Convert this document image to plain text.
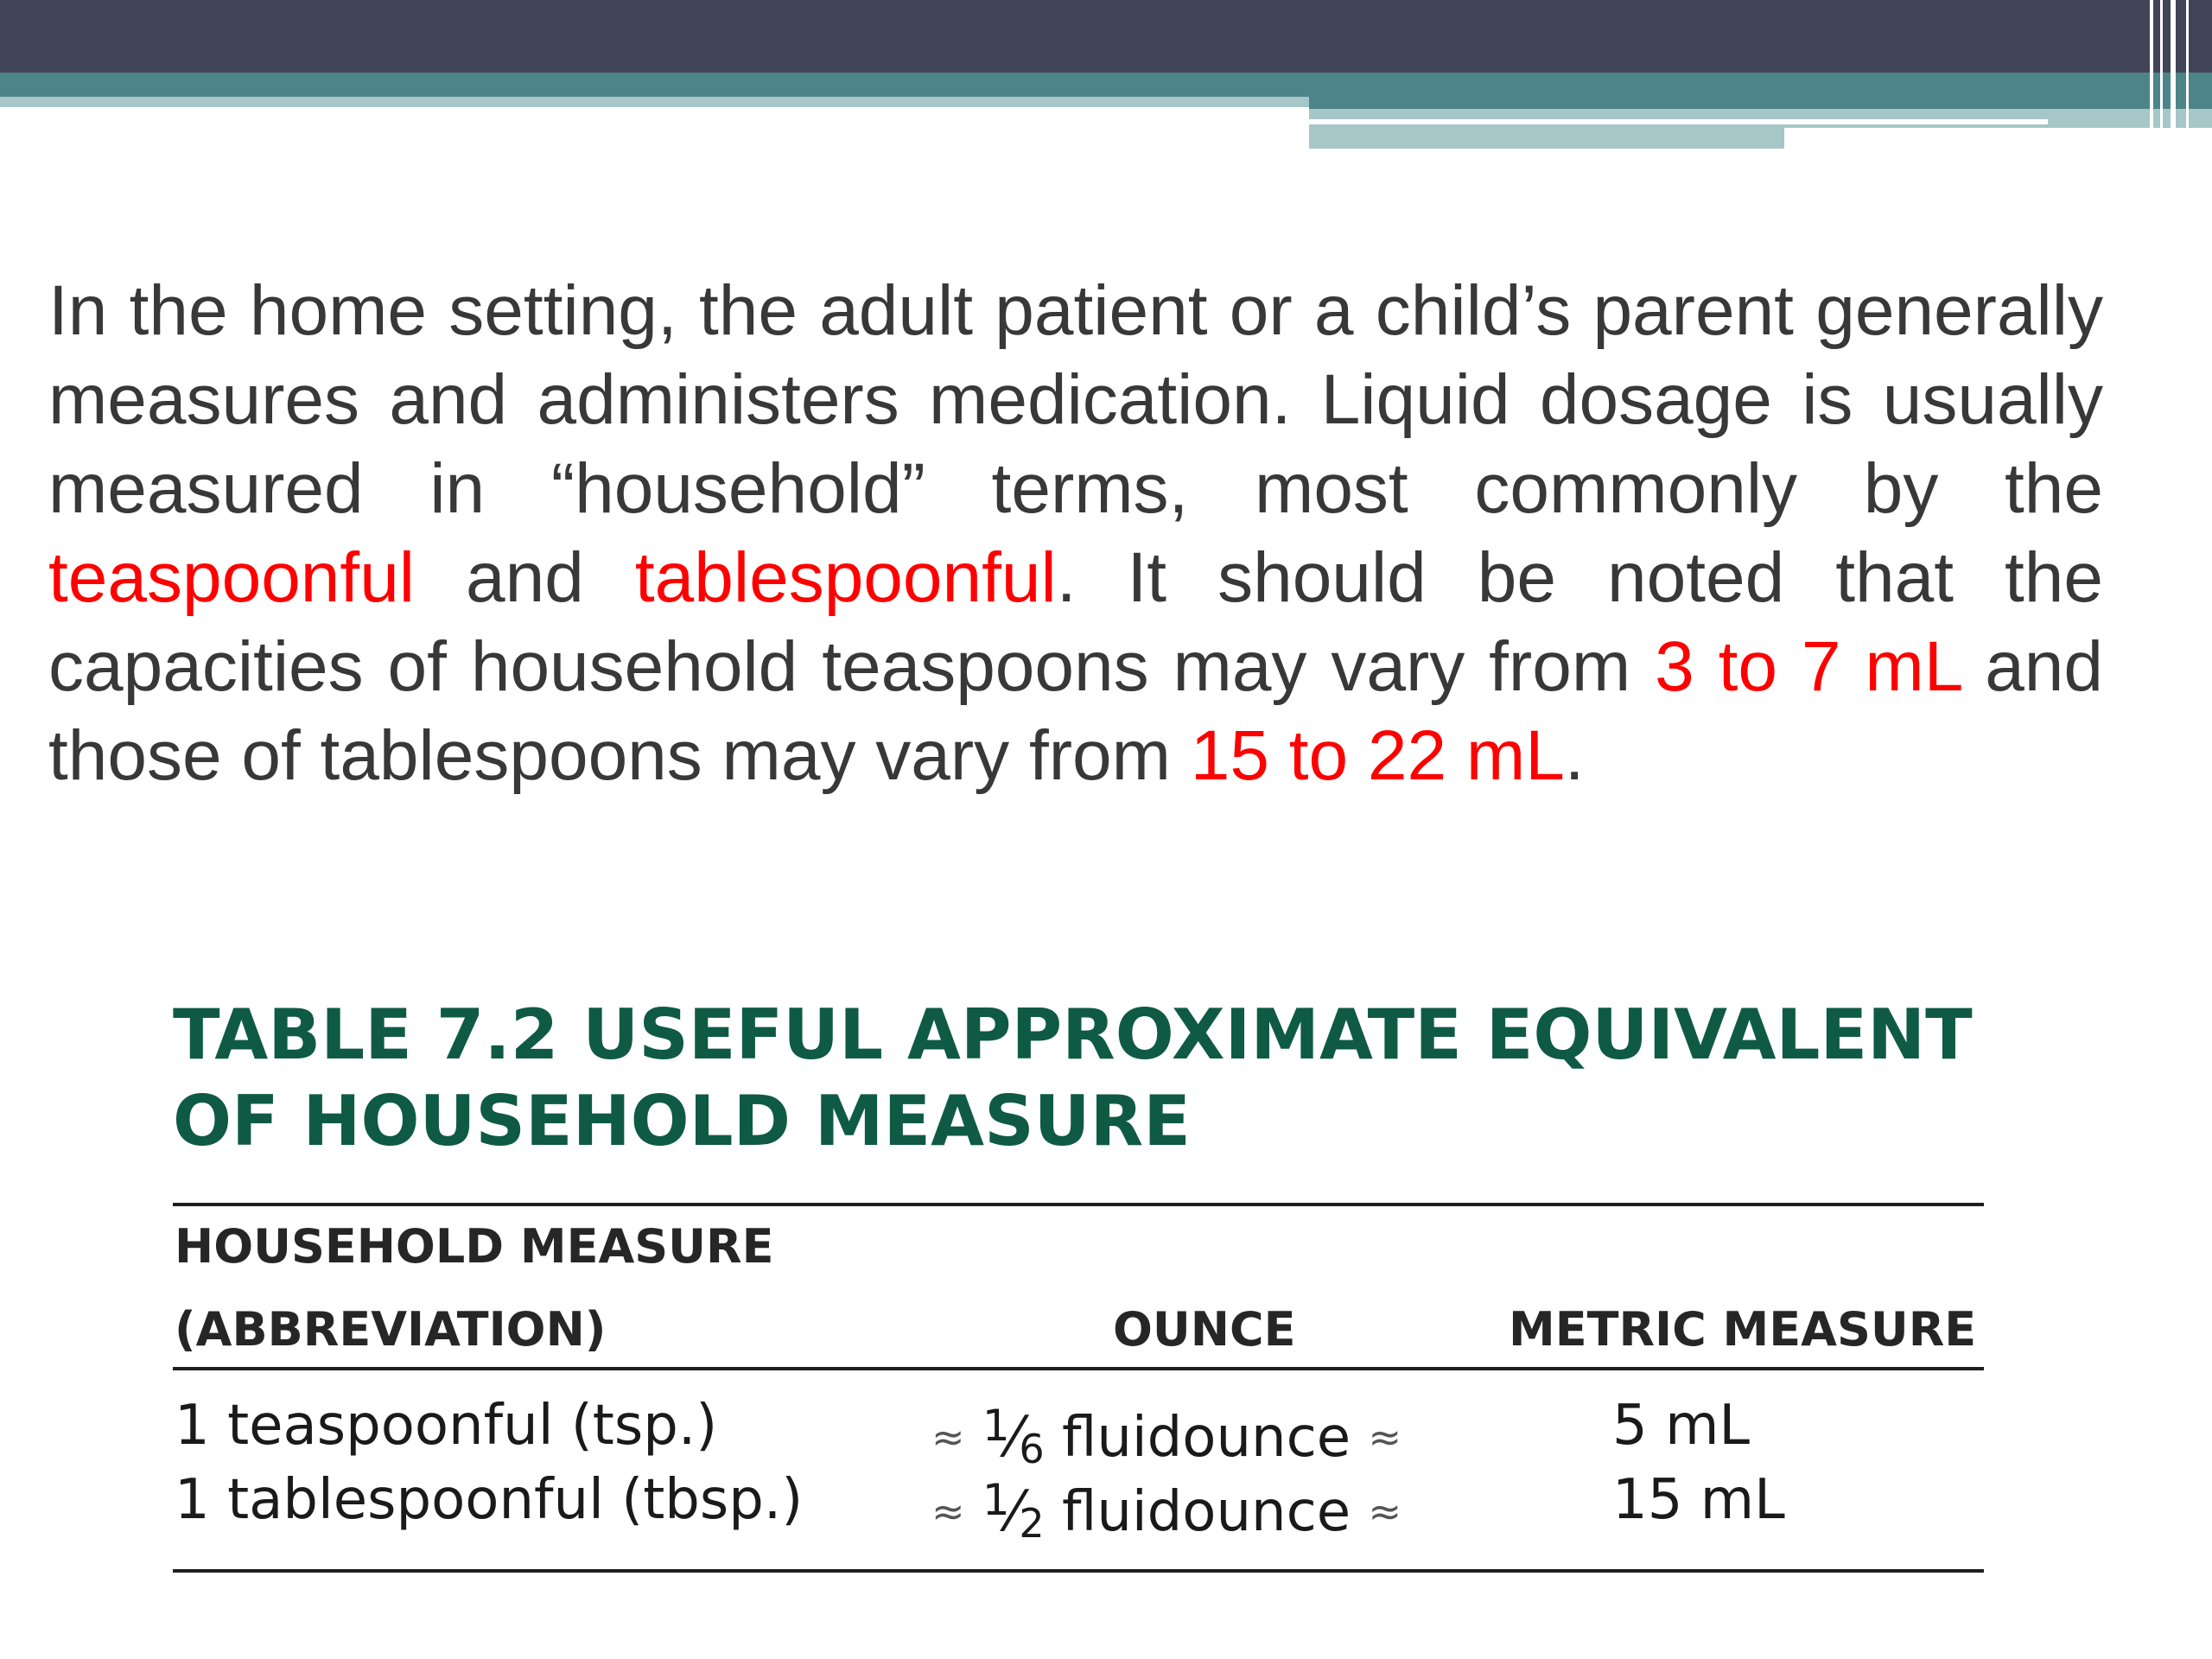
In the home setting, the adult patient or a child’s parent generally measures and administers medication. Liquid dosage is usually measured in “household” terms, most commonly by the teaspoonful and tablespoonful. It should be noted that the capacities of household teaspoons may vary from 3 to 7 mL and those of tablespoons may vary from 15 to 22 mL.

TABLE 7.2 USEFUL APPROXIMATE EQUIVALENT
OF HOUSEHOLD MEASURE
HOUSEHOLD MEASURE
(ABBREVIATION)	OUNCE	METRIC MEASURE
1 teaspoonful (tsp.)	≈ $^1$⁄6 fluidounce ≈	5 mL
1 tablespoonful (tbsp.)	≈ $^1$⁄2 fluidounce ≈	15 mL
